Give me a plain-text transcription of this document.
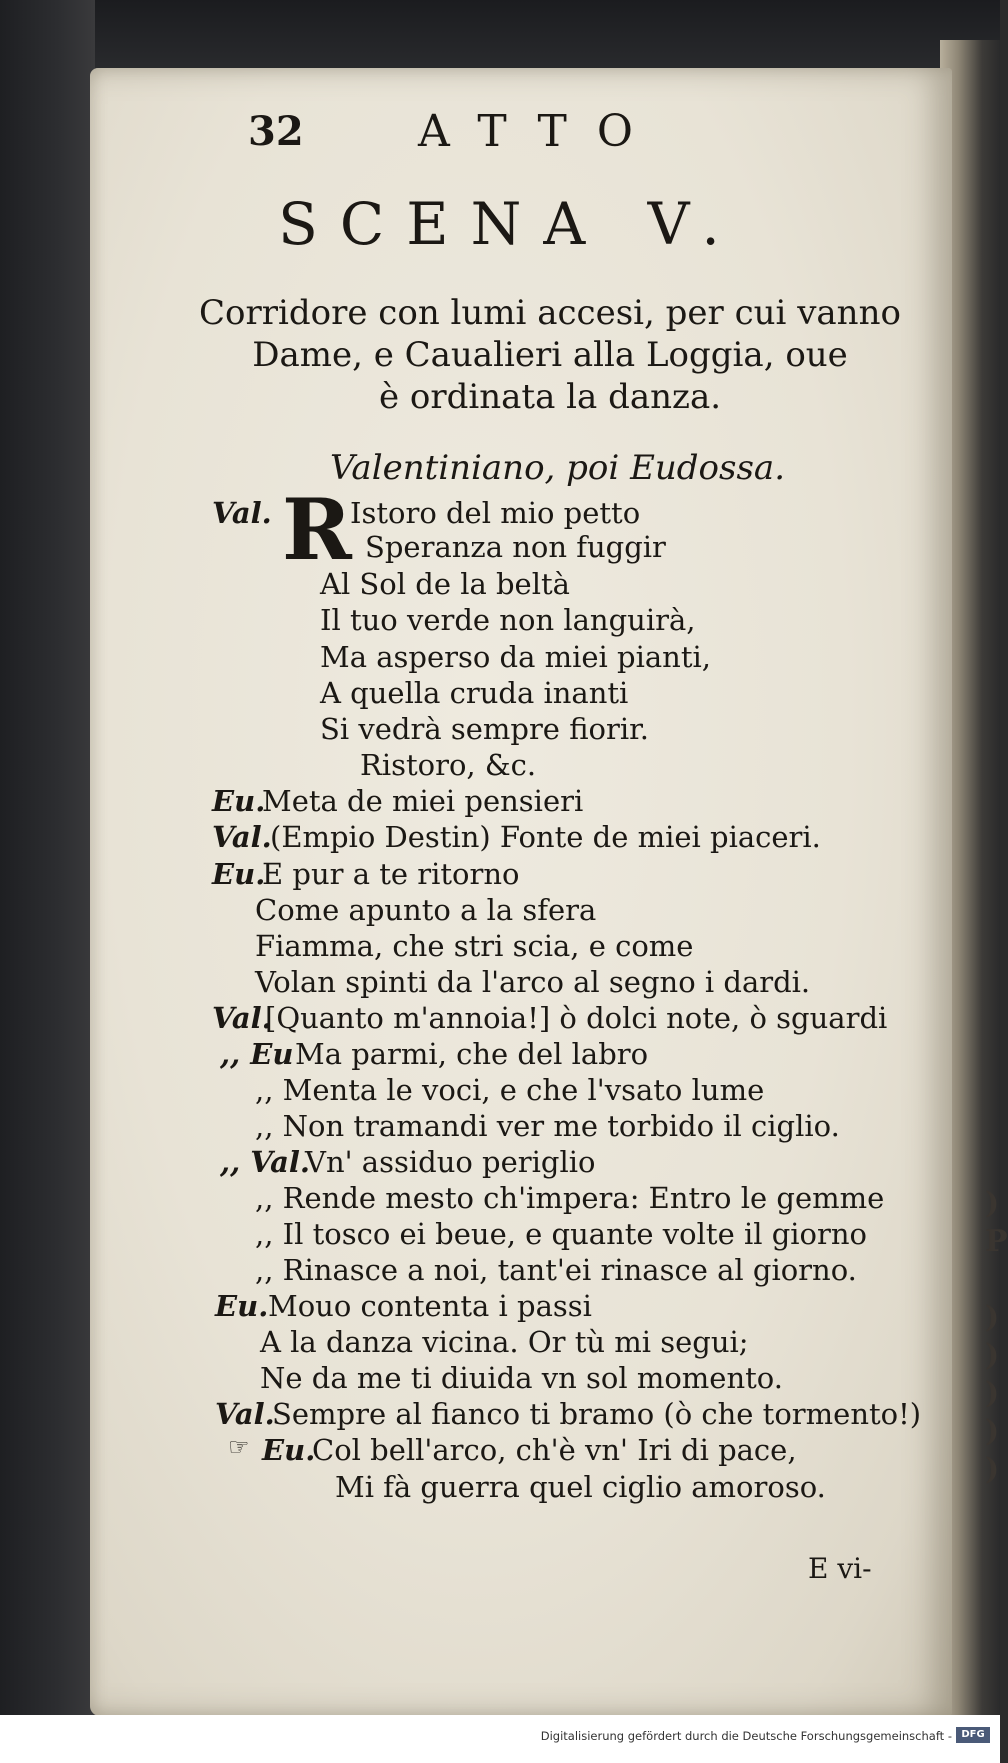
)
P

)
)
)
)
)
32	ATTO
SCENA V.
Corridore con lumi accesi, per cui vanno
Dame, e Caualieri alla Loggia, oue
è ordinata la danza.
Valentiniano, poi Eudossa.
R
Val.	Istoro del mio petto
Speranza non fuggir
Al Sol de la beltà
Il tuo verde non languirà,
Ma asperso da miei pianti,
A quella cruda inanti
Si vedrà sempre fiorir.
Ristoro, &c.
Eu.
Meta de miei pensieri
Val.
(Empio Destin) Fonte de miei piaceri.
Eu.
E pur a te ritorno
Come apunto a la sfera
Fiamma, che stri scia, e come
Volan spinti da l'arco al segno i dardi.
Val.
[Quanto m'annoia!] ò dolci note, ò sguardi
,, Eu Ma parmi, che del labro
,, Menta le voci, e che l'vsato lume
,, Non tramandi ver me torbido il ciglio.
,, Val.
Vn' assiduo periglio
,, Rende mesto ch'impera: Entro le gemme
,, Il tosco ei beue, e quante volte il giorno
,, Rinasce a noi, tant'ei rinasce al giorno.
Eu. Mouo contenta i passi
A la danza vicina. Or tù mi segui;
Ne da me ti diuida vn sol momento.
Val.
Sempre al fianco ti bramo (ò che tormento!)
Eu.
Col bell'arco, ch'è vn' Iri di pace,
Mi fà guerra quel ciglio amoroso.
☞
E vi-
Digitalisierung gefördert durch die Deutsche Forschungsgemeinschaft - DFG
